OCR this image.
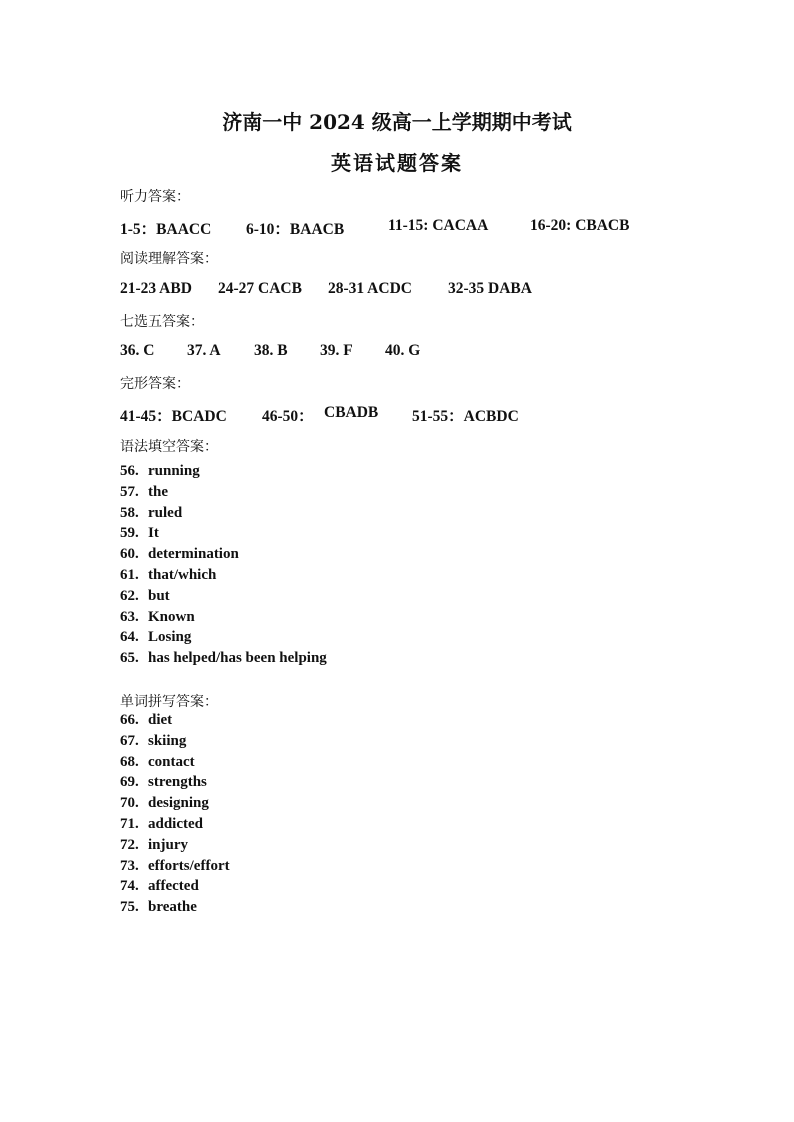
济南一中 2024 级高一上学期期中考试
英语试题答案
听力答案：
1-5：BAACC 6-10：BAACB	11-15: CACAA	16-20: CBACB
阅读理解答案：
21-23 ABD 24-27 CACB 28-31 ACDC 32-35 DABA
七选五答案：
36. C 37. A 38. B 39. F 40. G
完形答案：
41-45：BCADC 46-50： CBADB 51-55：ACBDC
语法填空答案：
56. running
57. the
58. ruled
59. It
60. determination
61. that/which
62. but
63. Known
64. Losing
65. has helped/has been helping
单词拼写答案：
66. diet
67. skiing
68. contact
69. strengths
70. designing
71. addicted
72. injury
73. efforts/effort
74. affected
75. breathe
